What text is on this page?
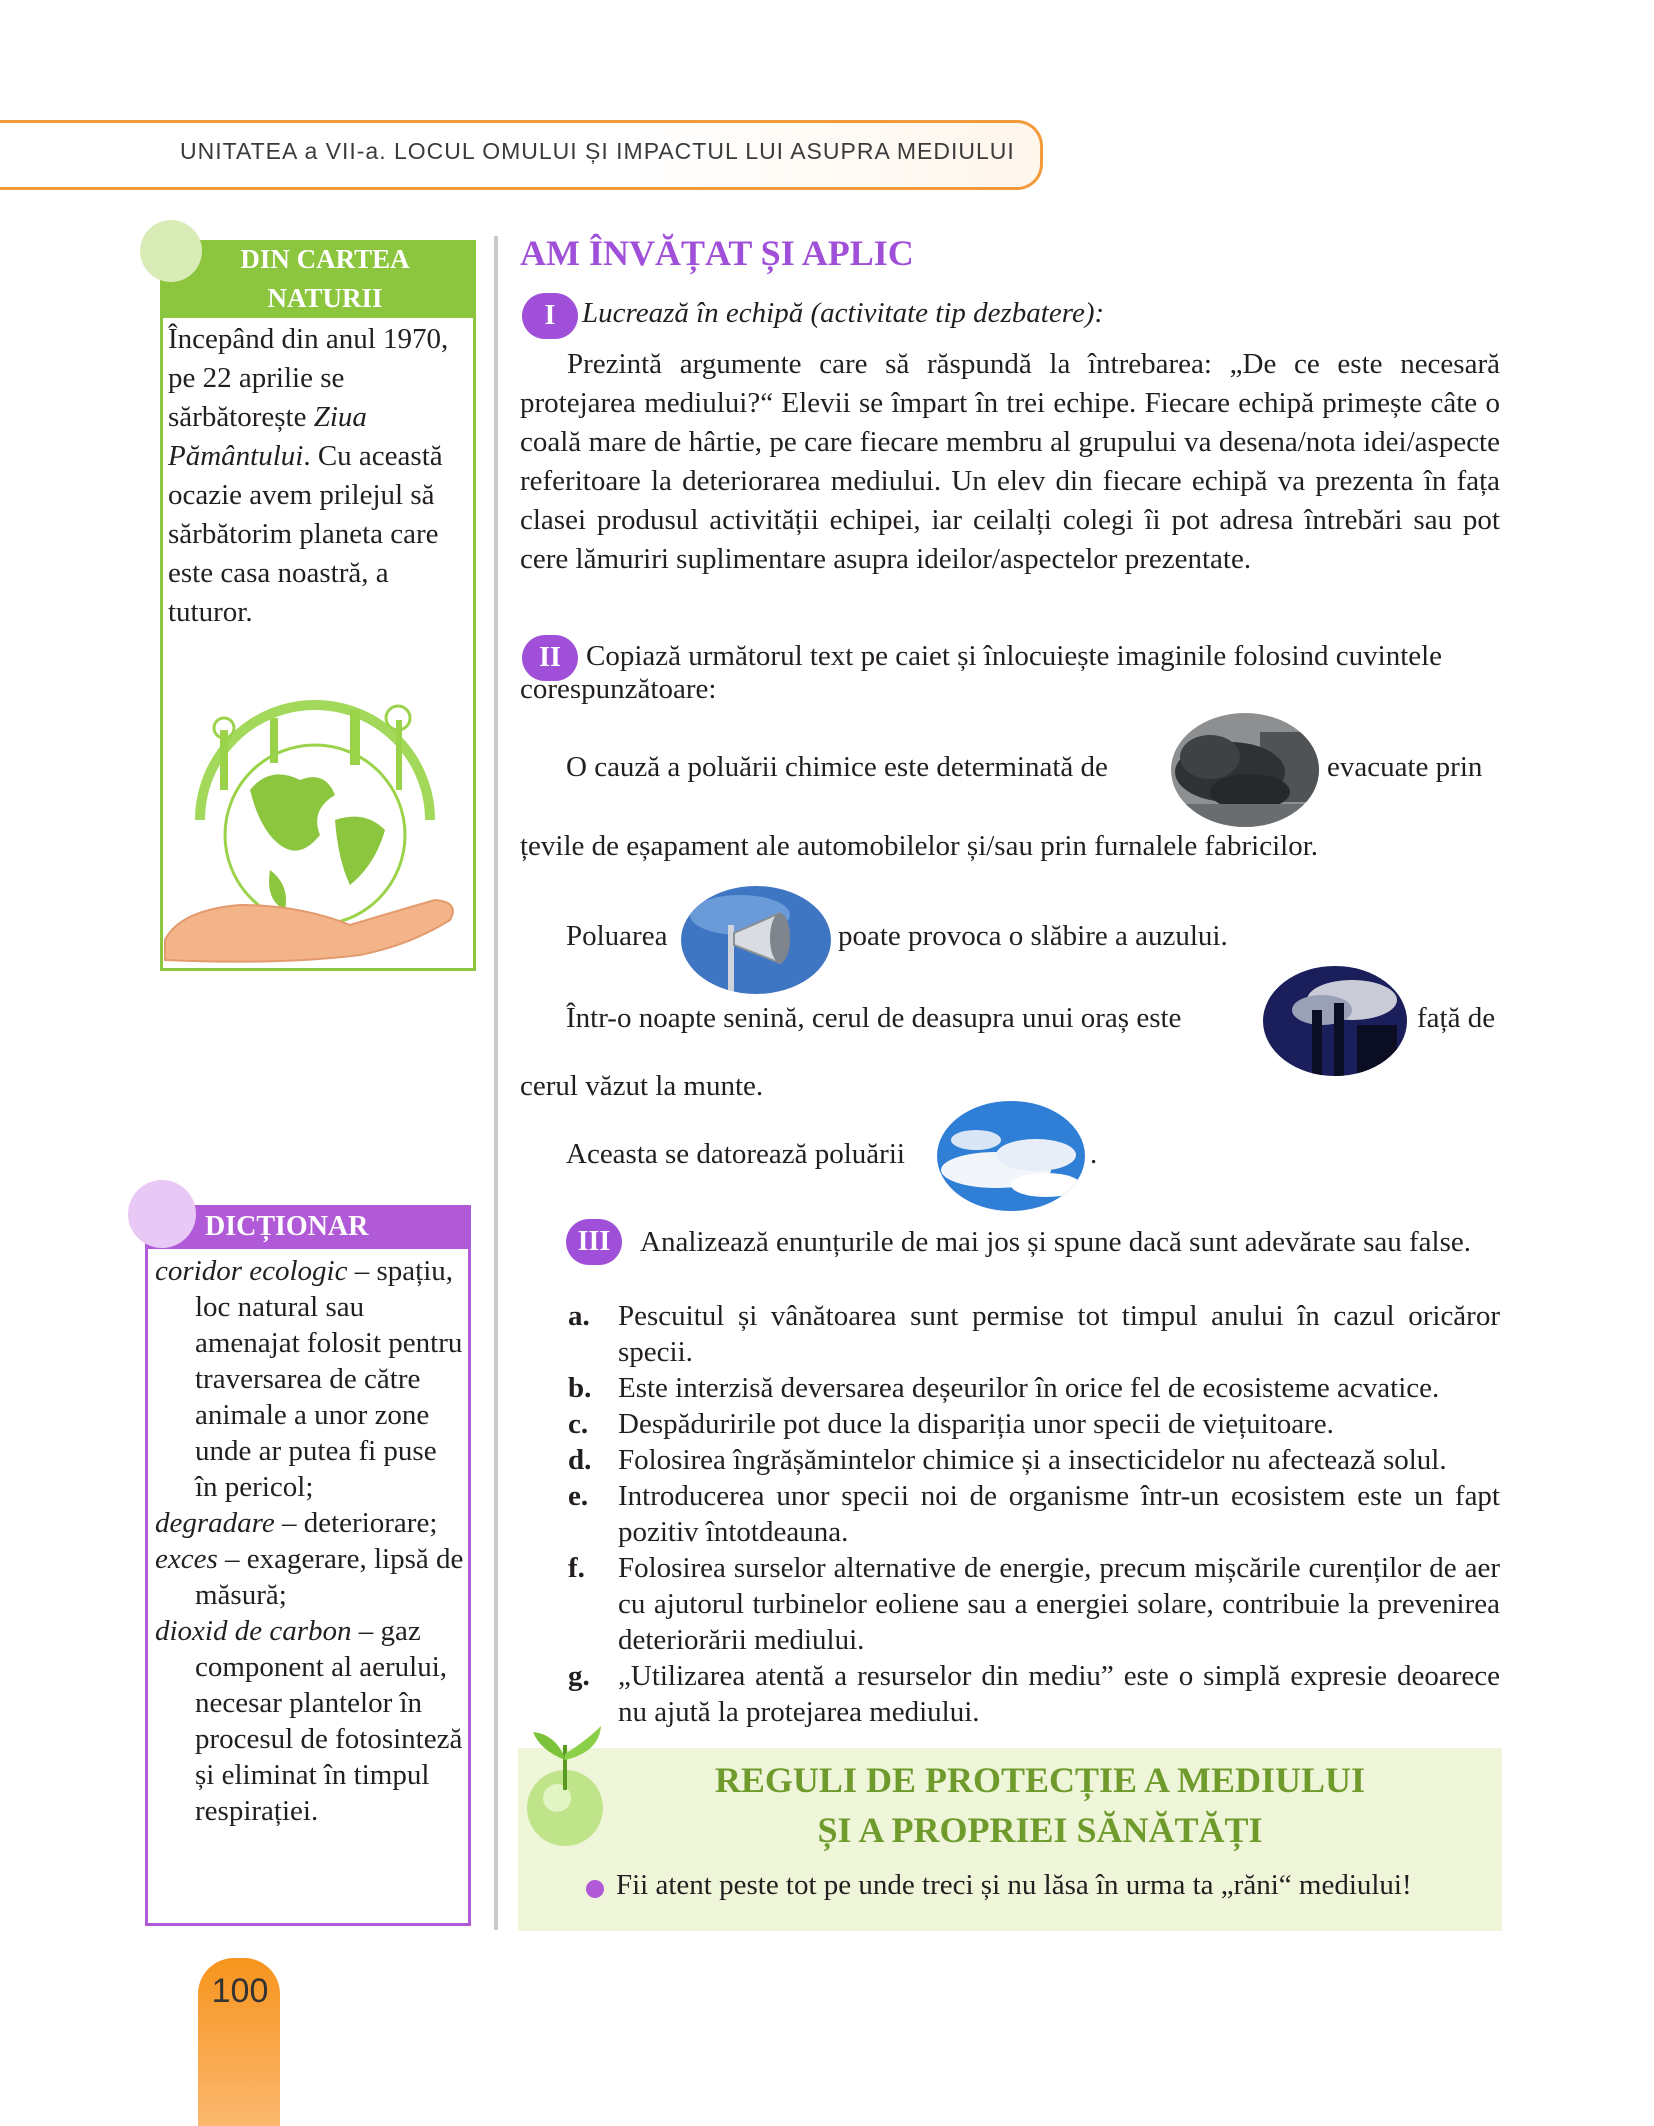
UNITATEA a VII-a. LOCUL OMULUI ȘI IMPACTUL LUI ASUPRA MEDIULUI
DIN CARTEA
NATURII
Începând din anul 1970, pe 22 aprilie se sărbătorește Ziua Pământului. Cu această ocazie avem prilejul să sărbătorim planeta care este casa noastră, a tuturor.
DICȚIONAR

coridor ecologic – spațiu, loc natural sau amenajat folosit pentru traversarea de către animale a unor zone unde ar putea fi puse în pericol;

degradare – deteriorare;

exces – exagerare, lipsă de măsură;

dioxid de carbon – gaz component al aerului, necesar plantelor în procesul de fotosinteză și eliminat în timpul respirației.

AM ÎNVĂȚAT ȘI APLIC
I Lucrează în echipă (activitate tip dezbatere):
Prezintă argumente care să răspundă la întrebarea: „De ce este necesară protejarea mediului?“ Elevii se împart în trei echipe. Fiecare echipă primește câte o coală mare de hârtie, pe care fiecare membru al grupului va desena/nota idei/aspecte referitoare la deteriorarea mediului. Un elev din fiecare echipă va prezenta în fața clasei produsul activității echipei, iar ceilalți colegi îi pot adresa întrebări sau pot cere lămuriri suplimentare asupra ideilor/aspectelor prezentate.
II Copiază următorul text pe caiet și înlocuiește imaginile folosind cuvintele corespunzătoare:
O cauză a poluării chimice este determinată de	evacuate prin
țevile de eșapament ale automobilelor și/sau prin furnalele fabricilor.
Poluarea	poate provoca o slăbire a auzului.
Într-o noapte senină, cerul de deasupra unui oraș este	față de
cerul văzut la munte.
Aceasta se datorează poluării	.
III	Analizează enunțurile de mai jos și spune dacă sunt adevărate sau false.

a. Pescuitul și vânătoarea sunt permise tot timpul anului în cazul oricăror specii.

b. Este interzisă deversarea deșeurilor în orice fel de ecosisteme acvatice.

c. Despăduririle pot duce la dispariția unor specii de viețuitoare.

d. Folosirea îngrășămintelor chimice și a insecticidelor nu afectează solul.

e. Introducerea unor specii noi de organisme într-un ecosistem este un fapt pozitiv întotdeauna.

f. Folosirea surselor alternative de energie, precum mișcările curenților de aer cu ajutorul turbinelor eoliene sau a energiei solare, contribuie la prevenirea deteriorării mediului.

g. „Utilizarea atentă a resurselor din mediu” este o simplă expresie deoarece nu ajută la protejarea mediului.

REGULI DE PROTECȚIE A MEDIULUI
ȘI A PROPRIEI SĂNĂTĂȚI
Fii atent peste tot pe unde treci și nu lăsa în urma ta „răni“ mediului!
100
